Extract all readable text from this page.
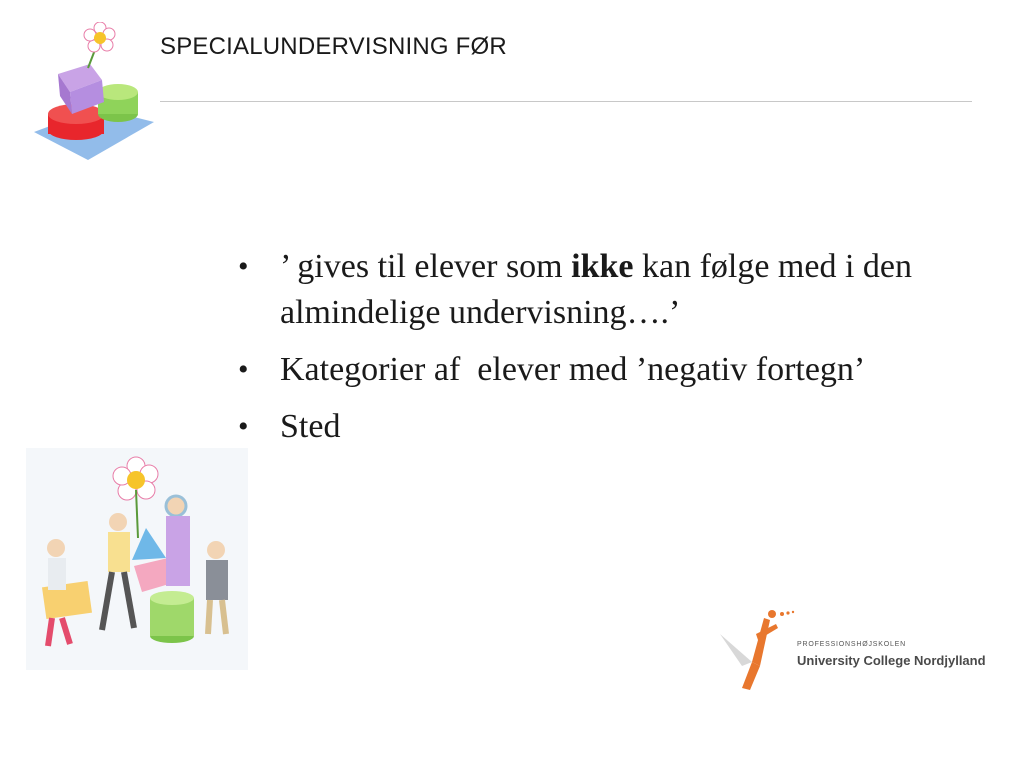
SPECIALUNDERVISNING FØR
• ’ gives til elever som ikke kan følge med i den almindelige undervisning….’
• Kategorier af  elever med ’negativ fortegn’
• Sted
PROFESSIONSHØJSKOLEN
University College Nordjylland
